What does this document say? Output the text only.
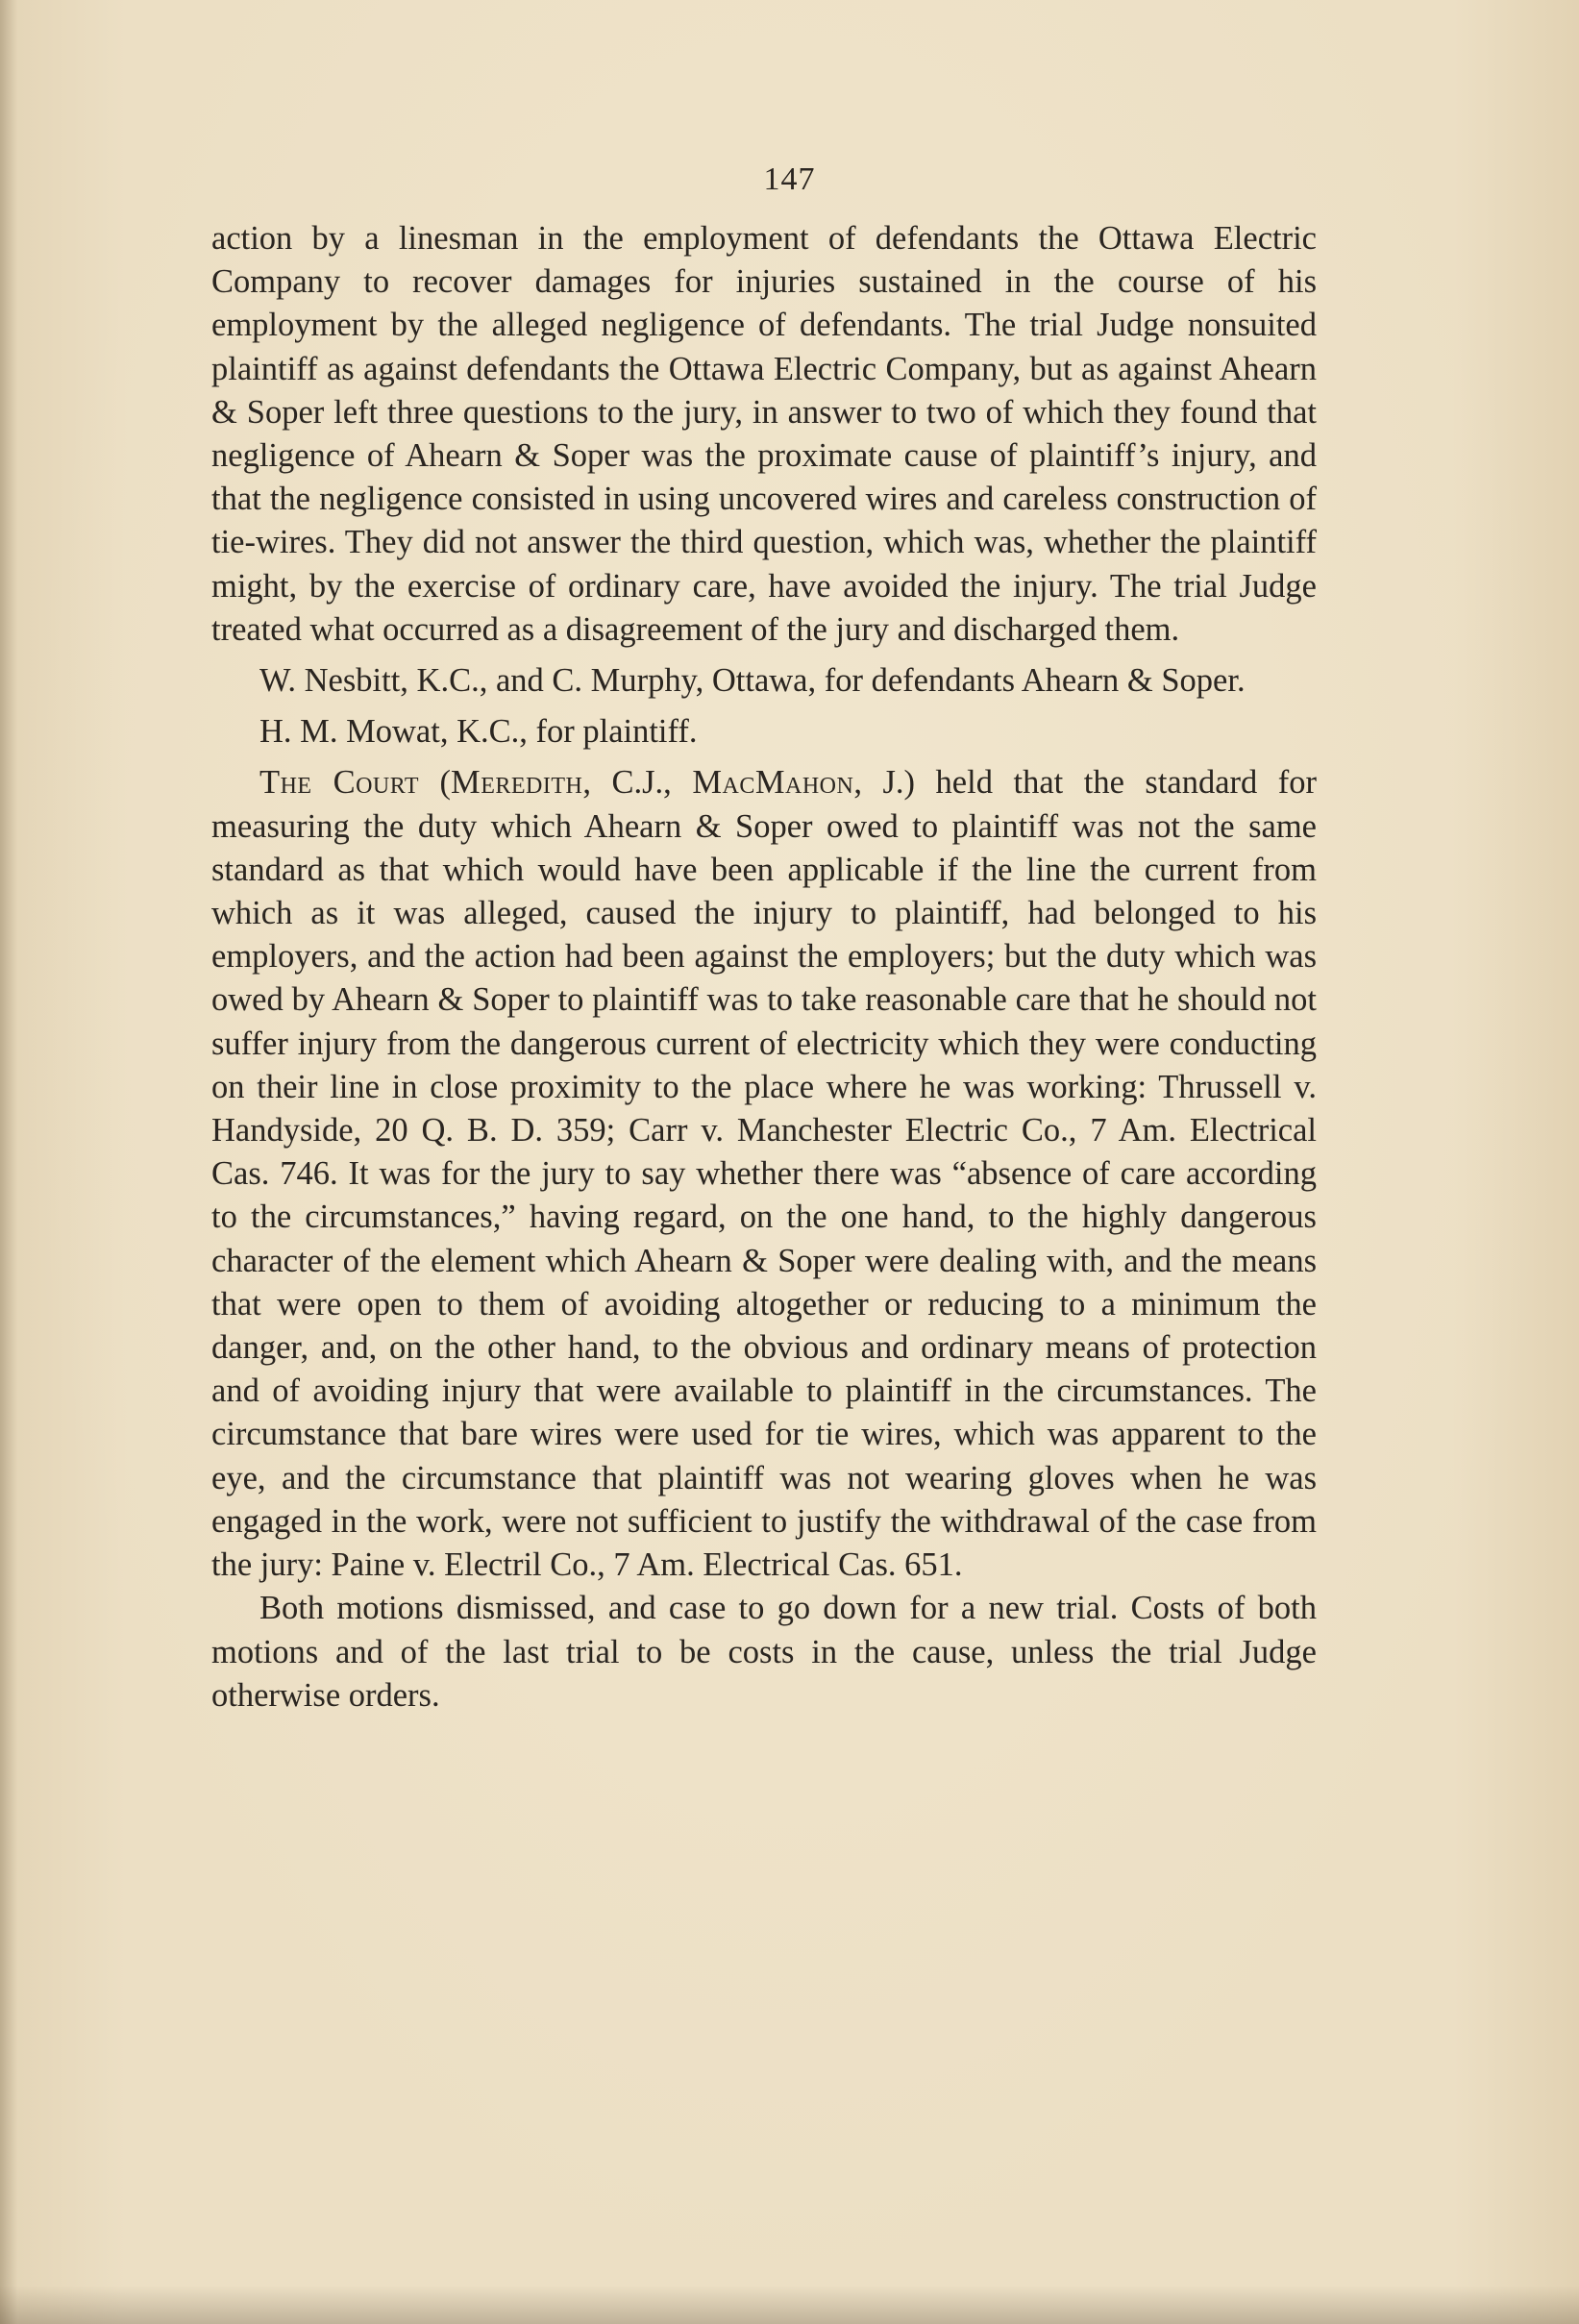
147

action by a linesman in the employment of defendants the Ottawa Electric Company to recover damages for injuries sustained in the course of his employment by the alleged negligence of defendants. The trial Judge nonsuited plaintiff as against defendants the Ottawa Electric Company, but as against Ahearn & Soper left three questions to the jury, in answer to two of which they found that negligence of Ahearn & Soper was the proximate cause of plaintiff’s injury, and that the negligence consisted in using uncovered wires and careless construction of tie-wires. They did not answer the third question, which was, whether the plaintiff might, by the exercise of ordinary care, have avoided the injury. The trial Judge treated what occurred as a disagreement of the jury and discharged them.

W. Nesbitt, K.C., and C. Murphy, Ottawa, for defendants Ahearn & Soper.

H. M. Mowat, K.C., for plaintiff.

The Court (Meredith, C.J., MacMahon, J.) held that the standard for measuring the duty which Ahearn & Soper owed to plaintiff was not the same standard as that which would have been applicable if the line the current from which as it was alleged, caused the injury to plaintiff, had belonged to his employers, and the action had been against the employers; but the duty which was owed by Ahearn & Soper to plaintiff was to take reasonable care that he should not suffer injury from the dangerous current of electricity which they were conducting on their line in close proximity to the place where he was working: Thrussell v. Handyside, 20 Q. B. D. 359; Carr v. Manchester Electric Co., 7 Am. Electrical Cas. 746. It was for the jury to say whether there was “absence of care according to the circumstances,” having regard, on the one hand, to the highly dangerous character of the element which Ahearn & Soper were dealing with, and the means that were open to them of avoiding altogether or reducing to a minimum the danger, and, on the other hand, to the obvious and ordinary means of protection and of avoiding injury that were available to plaintiff in the circumstances. The circumstance that bare wires were used for tie wires, which was apparent to the eye, and the circumstance that plaintiff was not wearing gloves when he was engaged in the work, were not sufficient to justify the withdrawal of the case from the jury: Paine v. Electril Co., 7 Am. Electrical Cas. 651.

Both motions dismissed, and case to go down for a new trial. Costs of both motions and of the last trial to be costs in the cause, unless the trial Judge otherwise orders.
